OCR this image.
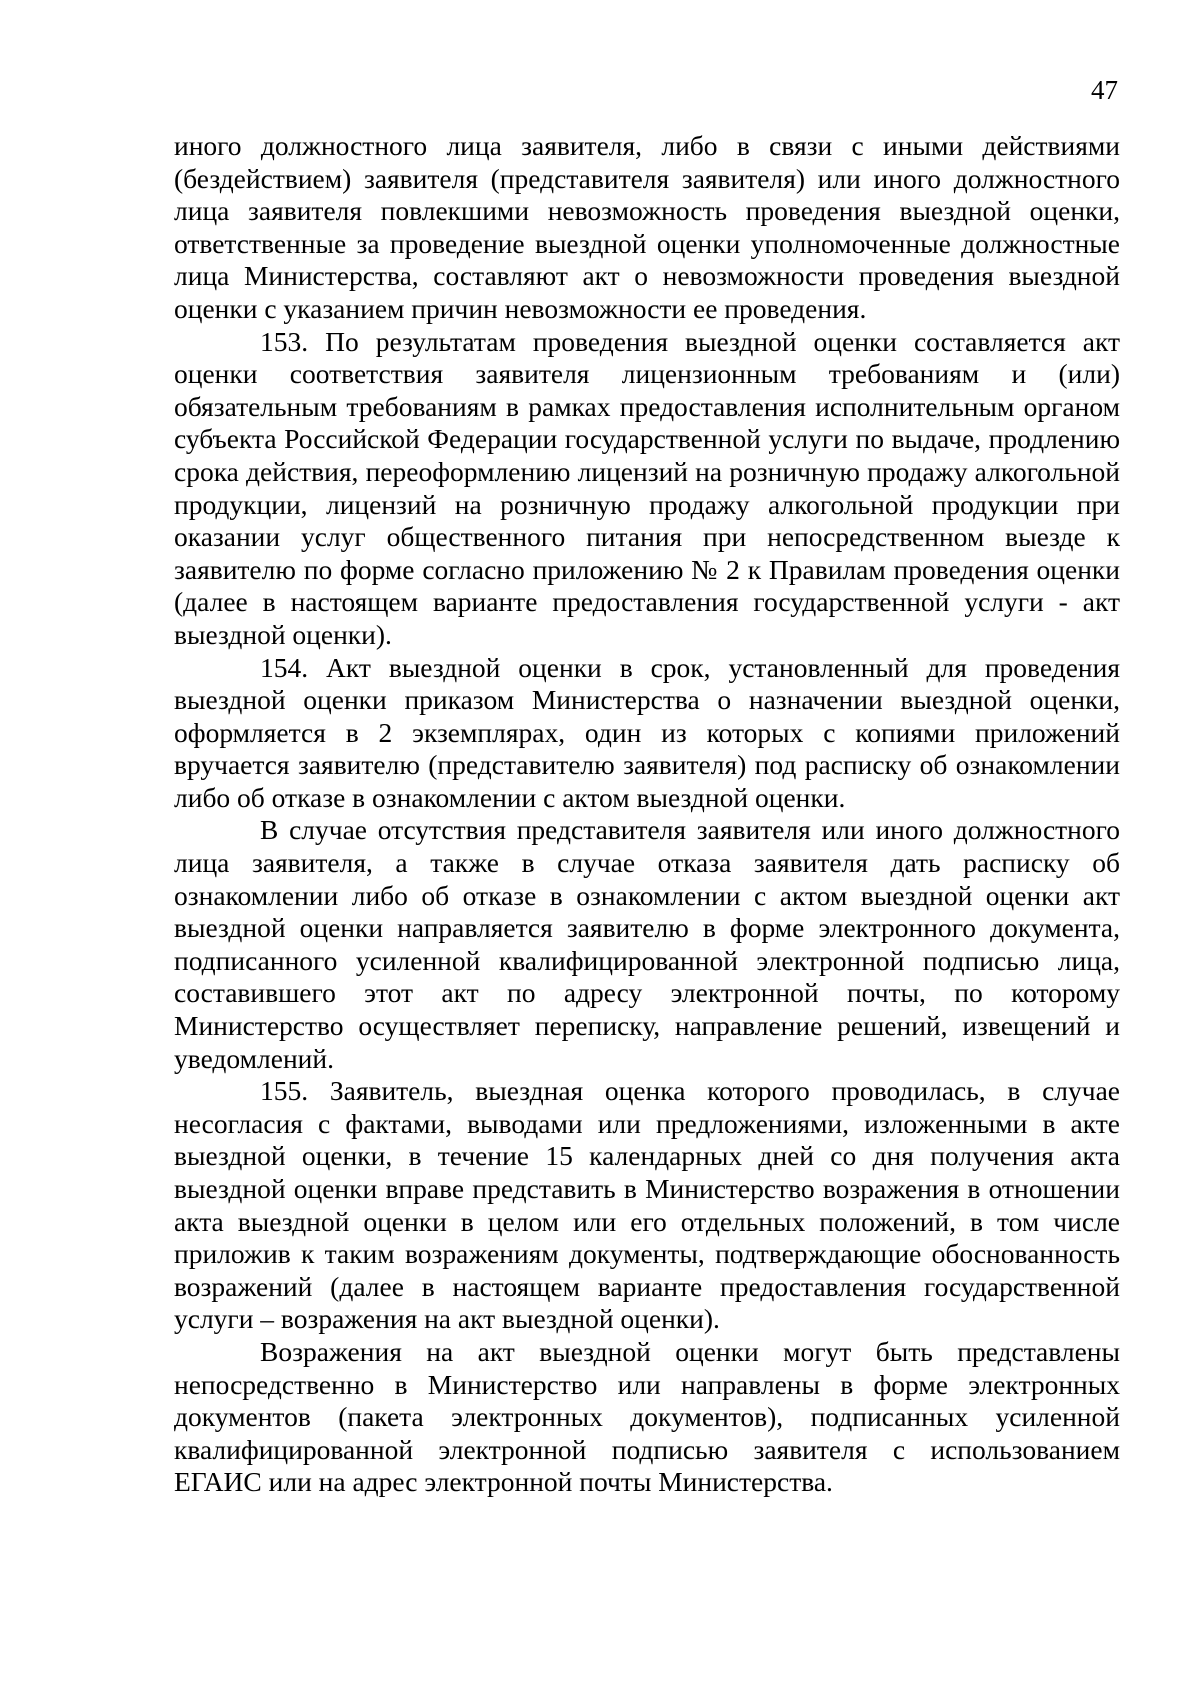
47

иного должностного лица заявителя, либо в связи с иными действиями (бездействием) заявителя (представителя заявителя) или иного должностного лица заявителя повлекшими невозможность проведения выездной оценки, ответственные за проведение выездной оценки уполномоченные должностные лица Министерства, составляют акт о невозможности проведения выездной оценки с указанием причин невозможности ее проведения.

153. По результатам проведения выездной оценки составляется акт оценки соответствия заявителя лицензионным требованиям и (или) обязательным требованиям в рамках предоставления исполнительным органом субъекта Российской Федерации государственной услуги по выдаче, продлению срока действия, переоформлению лицензий на розничную продажу алкогольной продукции, лицензий на розничную продажу алкогольной продукции при оказании услуг общественного питания при непосредственном выезде к заявителю по форме согласно приложению № 2 к Правилам проведения оценки (далее в настоящем варианте предоставления государственной услуги - акт выездной оценки).

154. Акт выездной оценки в срок, установленный для проведения выездной оценки приказом Министерства о назначении выездной оценки, оформляется в 2 экземплярах, один из которых с копиями приложений вручается заявителю (представителю заявителя) под расписку об ознакомлении либо об отказе в ознакомлении с актом выездной оценки.

В случае отсутствия представителя заявителя или иного должностного лица заявителя, а также в случае отказа заявителя дать расписку об ознакомлении либо об отказе в ознакомлении с актом выездной оценки акт выездной оценки направляется заявителю в форме электронного документа, подписанного усиленной квалифицированной электронной подписью лица, составившего этот акт по адресу электронной почты, по которому Министерство осуществляет переписку, направление решений, извещений и уведомлений.

155. Заявитель, выездная оценка которого проводилась, в случае несогласия с фактами, выводами или предложениями, изложенными в акте выездной оценки, в течение 15 календарных дней со дня получения акта выездной оценки вправе представить в Министерство возражения в отношении акта выездной оценки в целом или его отдельных положений, в том числе приложив к таким возражениям документы, подтверждающие обоснованность возражений (далее в настоящем варианте предоставления государственной услуги – возражения на акт выездной оценки).

Возражения на акт выездной оценки могут быть представлены непосредственно в Министерство или направлены в форме электронных документов (пакета электронных документов), подписанных усиленной квалифицированной электронной подписью заявителя с использованием ЕГАИС или на адрес электронной почты Министерства.
